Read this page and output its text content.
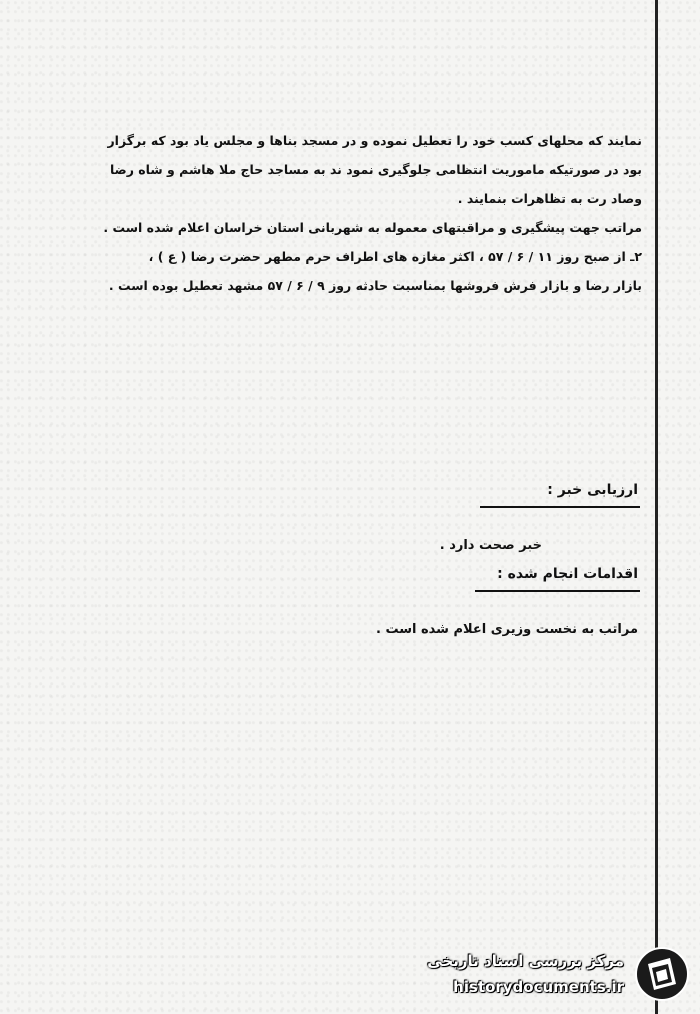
نمایند که محلهای کسب خود را تعطیل نموده و در مسجد بناها و مجلس یاد بود که برگزار

بود در صورتیکه ماموریت انتظامی جلوگیری نمود ند به مساجد حاج ملا هاشم و شاه رضا

وصاد رت به تظاهرات بنمایند .

مراتب جهت پیشگیری و مراقبتهای معموله به شهربانی استان خراسان اعلام شده است .

۲ـ از صبح روز ۱۱ / ۶ / ۵۷ ، اکثر مغازه های اطراف حرم مطهر حضرت رضا ( ع ) ،

بازار رضا و بازار فرش فروشها بمناسبت حادثه روز ۹ / ۶ / ۵۷ مشهد تعطیل بوده است .

ارزیابی خبر :
خبر صحت دارد .
اقدامات انجام شده :
مراتب به نخست وزیری اعلام شده است .
مرکز بررسی اسناد تاریخی
historydocuments.ir
